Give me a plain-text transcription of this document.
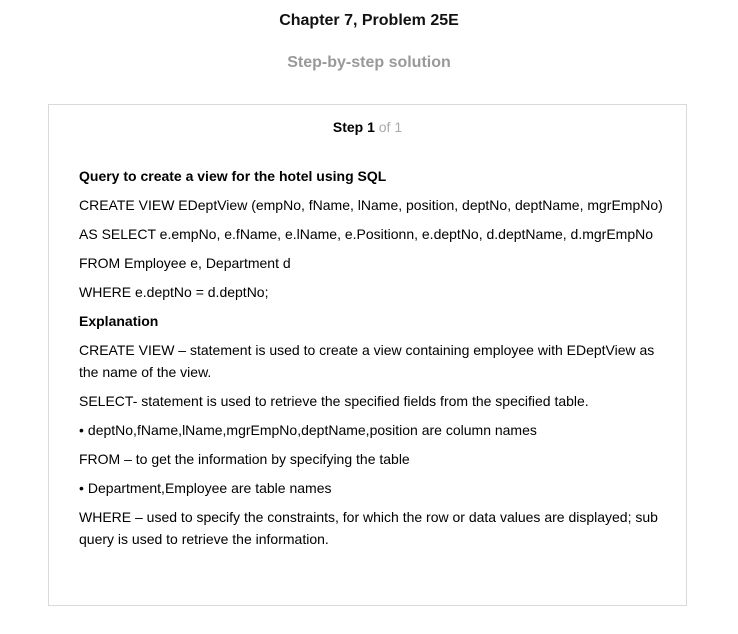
Chapter 7, Problem 25E
Step-by-step solution
Step 1 of 1

Query to create a view for the hotel using SQL

CREATE VIEW EDeptView (empNo, fName, lName, position, deptNo, deptName, mgrEmpNo)

AS SELECT e.empNo, e.fName, e.lName, e.Positionn, e.deptNo, d.deptName, d.mgrEmpNo

FROM Employee e, Department d

WHERE e.deptNo = d.deptNo;

Explanation

CREATE VIEW – statement is used to create a view containing employee with EDeptView as the name of the view.

SELECT- statement is used to retrieve the specified fields from the specified table.

• deptNo,fName,lName,mgrEmpNo,deptName,position are column names

FROM – to get the information by specifying the table

• Department,Employee are table names

WHERE – used to specify the constraints, for which the row or data values are displayed; sub query is used to retrieve the information.
